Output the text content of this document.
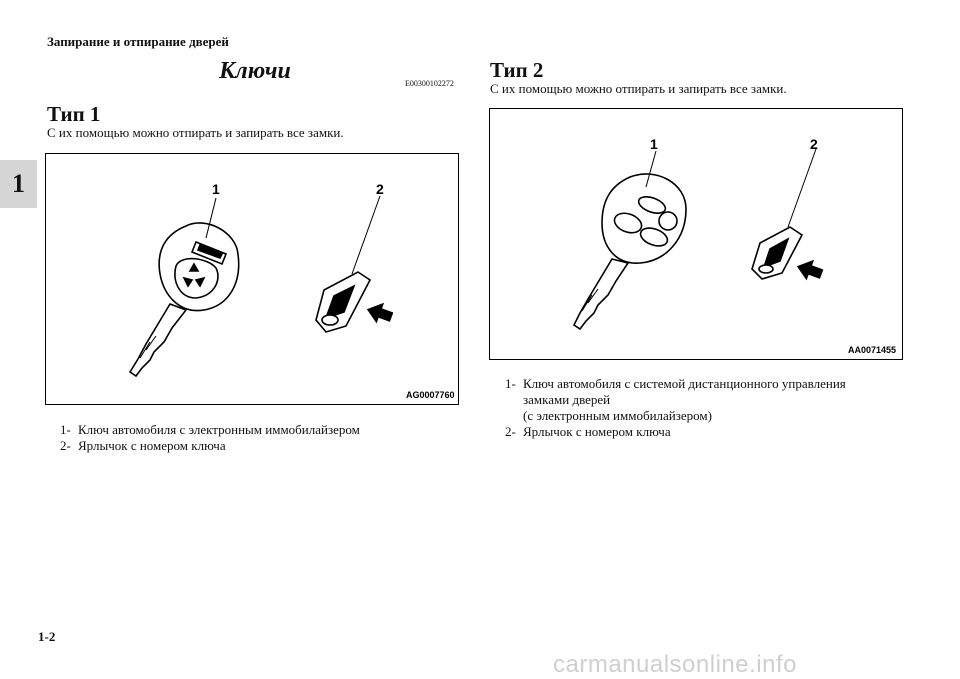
Запирание и отпирание дверей
1
Ключи	E00300102272
Тип 1
С их помощью можно отпирать и запирать все замки.
1	2
AG0007760
1- Ключ автомобиля с электронным иммобилайзером
2- Ярлычок с номером ключа
Тип 2
С их помощью можно отпирать и запирать все замки.
1	2
AA0071455
1- Ключ автомобиля с системой дистанционного управления
замками дверей
(с электронным иммобилайзером)
2- Ярлычок с номером ключа
1-2
carmanualsonline.info
